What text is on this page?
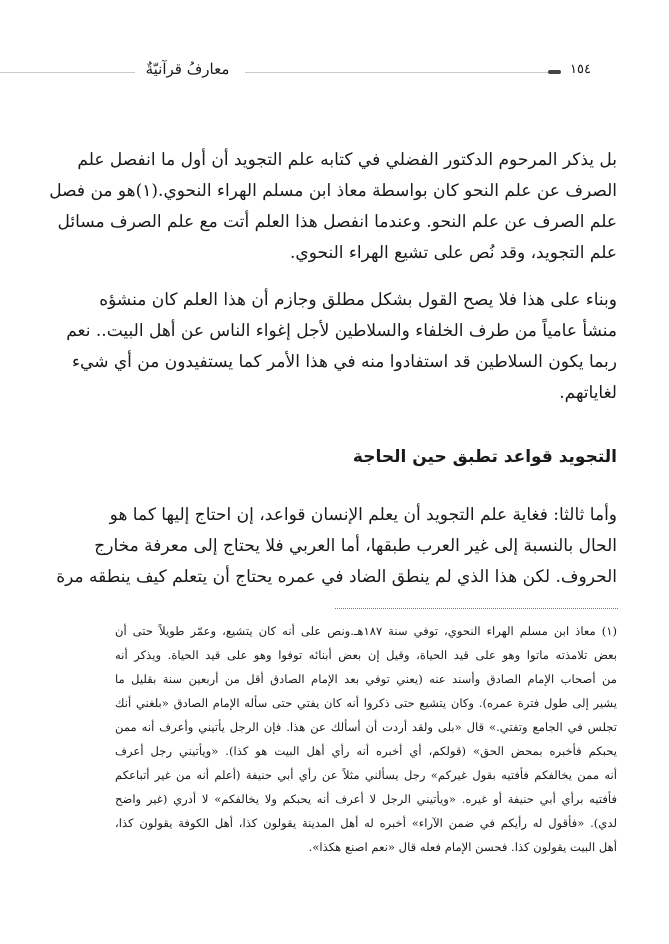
معارفُ قرآنيّةٌ	١٥٤
بل يذكر المرحوم الدكتور الفضلي في كتابه علم التجويد أن أول ما انفصل علم
الصرف عن علم النحو كان بواسطة معاذ ابن مسلم الهراء النحوي.(١)هو من فصل
علم الصرف عن علم النحو. وعندما انفصل هذا العلم أتت مع علم الصرف مسائل
علم التجويد، وقد نُص على تشيع الهراء النحوي.
وبناء على هذا فلا يصح القول بشكل مطلق وجازم أن هذا العلم كان منشؤه
منشأ عامياً من طرف الخلفاء والسلاطين لأجل إغواء الناس عن أهل البيت.. نعم
ربما يكون السلاطين قد استفادوا منه في هذا الأمر كما يستفيدون من أي شيء
لغاياتهم.
التجويد قواعد تطبق حين الحاجة
وأما ثالثا: فغاية علم التجويد أن يعلم الإنسان قواعد، إن احتاج إليها كما هو
الحال بالنسبة إلى غير العرب طبقها، أما العربي فلا يحتاج إلى معرفة مخارج
الحروف. لكن هذا الذي لم ينطق الضاد في عمره يحتاج أن يتعلم كيف ينطقه مرة
(١) معاذ ابن مسلم الهراء النحوي، توفي سنة ١٨٧هـ.ونص على أنه كان يتشيع، وعمّر طويلاً حتى أن
بعض تلامذته ماتوا وهو على قيد الحياة، وقيل إن بعض أبنائه توفوا وهو على قيد الحياة. ويذكر أنه
من أصحاب الإمام الصادق وأسند عنه (يعني توفي بعد الإمام الصادق أقل من أربعين سنة بقليل ما
يشير إلى طول فترة عمره). وكان يتشيع حتى ذكروا أنه كان يفتي حتى سأله الإمام الصادق «بلغني أنك
تجلس في الجامع وتفتي.» قال «بلى ولقد أردت أن أسألك عن هذا. فإن الرجل يأتيني وأعرف أنه ممن
يحبكم فأخبره بمحض الحق» (قولكم، أي أخبره أنه رأي أهل البيت هو كذا). «ويأتيني رجل أعرف
أنه ممن يخالفكم فأفتيه بقول غيركم» رجل يسألني مثلاً عن رأي أبي حنيفة (أعلم أنه من غير أتباعكم
فأفتيه برأي أبي حنيفة أو غيره. «ويأتيني الرجل لا أعرف أنه يحبكم ولا يخالفكم» لا أدري (غير واضح
لدي). «فأقول له رأيكم في ضمن الآراء» أخبره له أهل المدينة يقولون كذا، أهل الكوفة يقولون كذا،
أهل البيت يقولون كذا. فحسن الإمام فعله قال «نعم اصنع هكذا».
